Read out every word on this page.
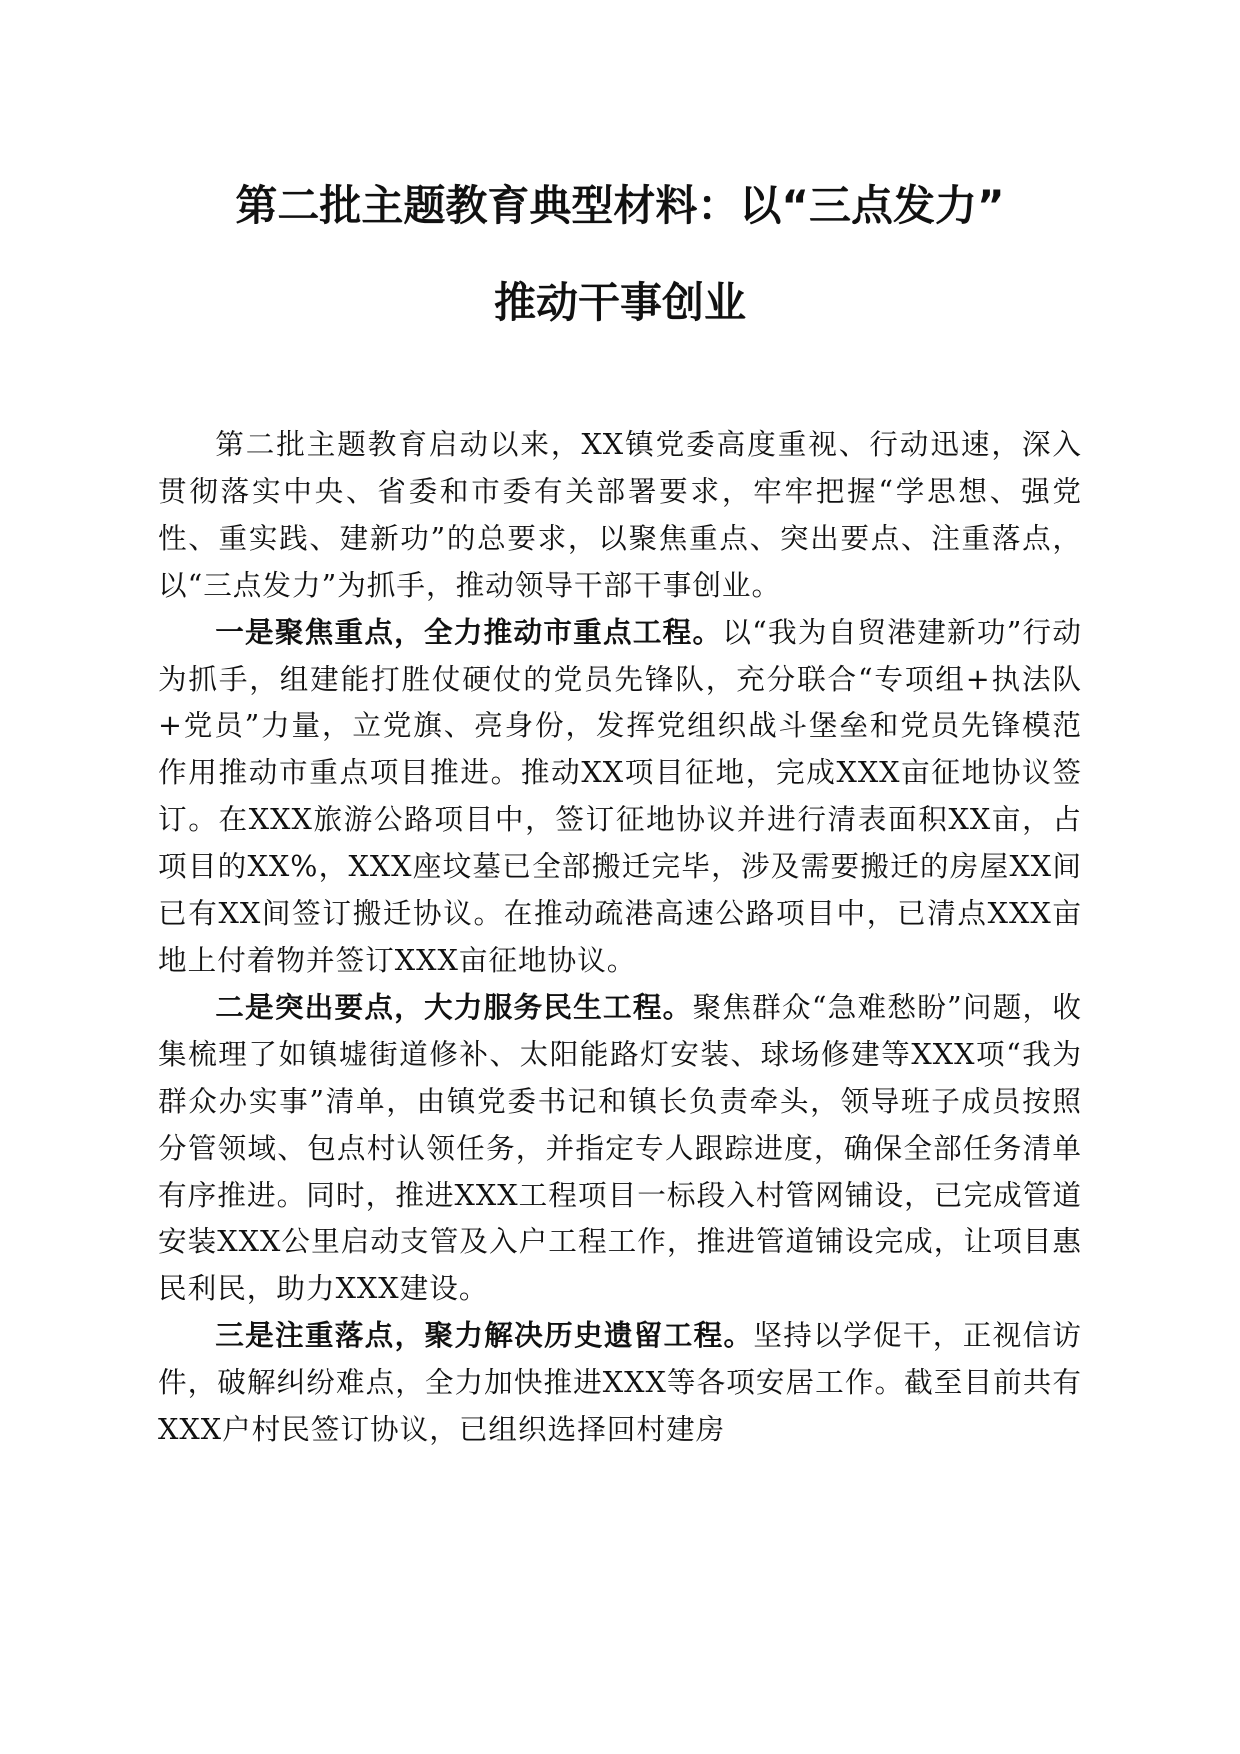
第二批主题教育典型材料：以“三点发力”
推动干事创业

第二批主题教育启动以来，XX镇党委高度重视、行动迅速，深入贯彻落实中央、省委和市委有关部署要求，牢牢把握“学思想、强党性、重实践、建新功”的总要求，以聚焦重点、突出要点、注重落点，以“三点发力”为抓手，推动领导干部干事创业。

一是聚焦重点，全力推动市重点工程。以“我为自贸港建新功”行动为抓手，组建能打胜仗硬仗的党员先锋队，充分联合“专项组+执法队+党员”力量，立党旗、亮身份，发挥党组织战斗堡垒和党员先锋模范作用推动市重点项目推进。推动XX项目征地，完成XXX亩征地协议签订。在XXX旅游公路项目中，签订征地协议并进行清表面积XX亩，占项目的XX%，XXX座坟墓已全部搬迁完毕，涉及需要搬迁的房屋XX间已有XX间签订搬迁协议。在推动疏港高速公路项目中，已清点XXX亩地上付着物并签订XXX亩征地协议。

二是突出要点，大力服务民生工程。聚焦群众“急难愁盼”问题，收集梳理了如镇墟街道修补、太阳能路灯安装、球场修建等XXX项“我为群众办实事”清单，由镇党委书记和镇长负责牵头，领导班子成员按照分管领域、包点村认领任务，并指定专人跟踪进度，确保全部任务清单有序推进。同时，推进XXX工程项目一标段入村管网铺设，已完成管道安装XXX公里启动支管及入户工程工作，推进管道铺设完成，让项目惠民利民，助力XXX建设。

三是注重落点，聚力解决历史遗留工程。坚持以学促干，正视信访件，破解纠纷难点，全力加快推进XXX等各项安居工作。截至目前共有XXX户村民签订协议，已组织选择回村建房
